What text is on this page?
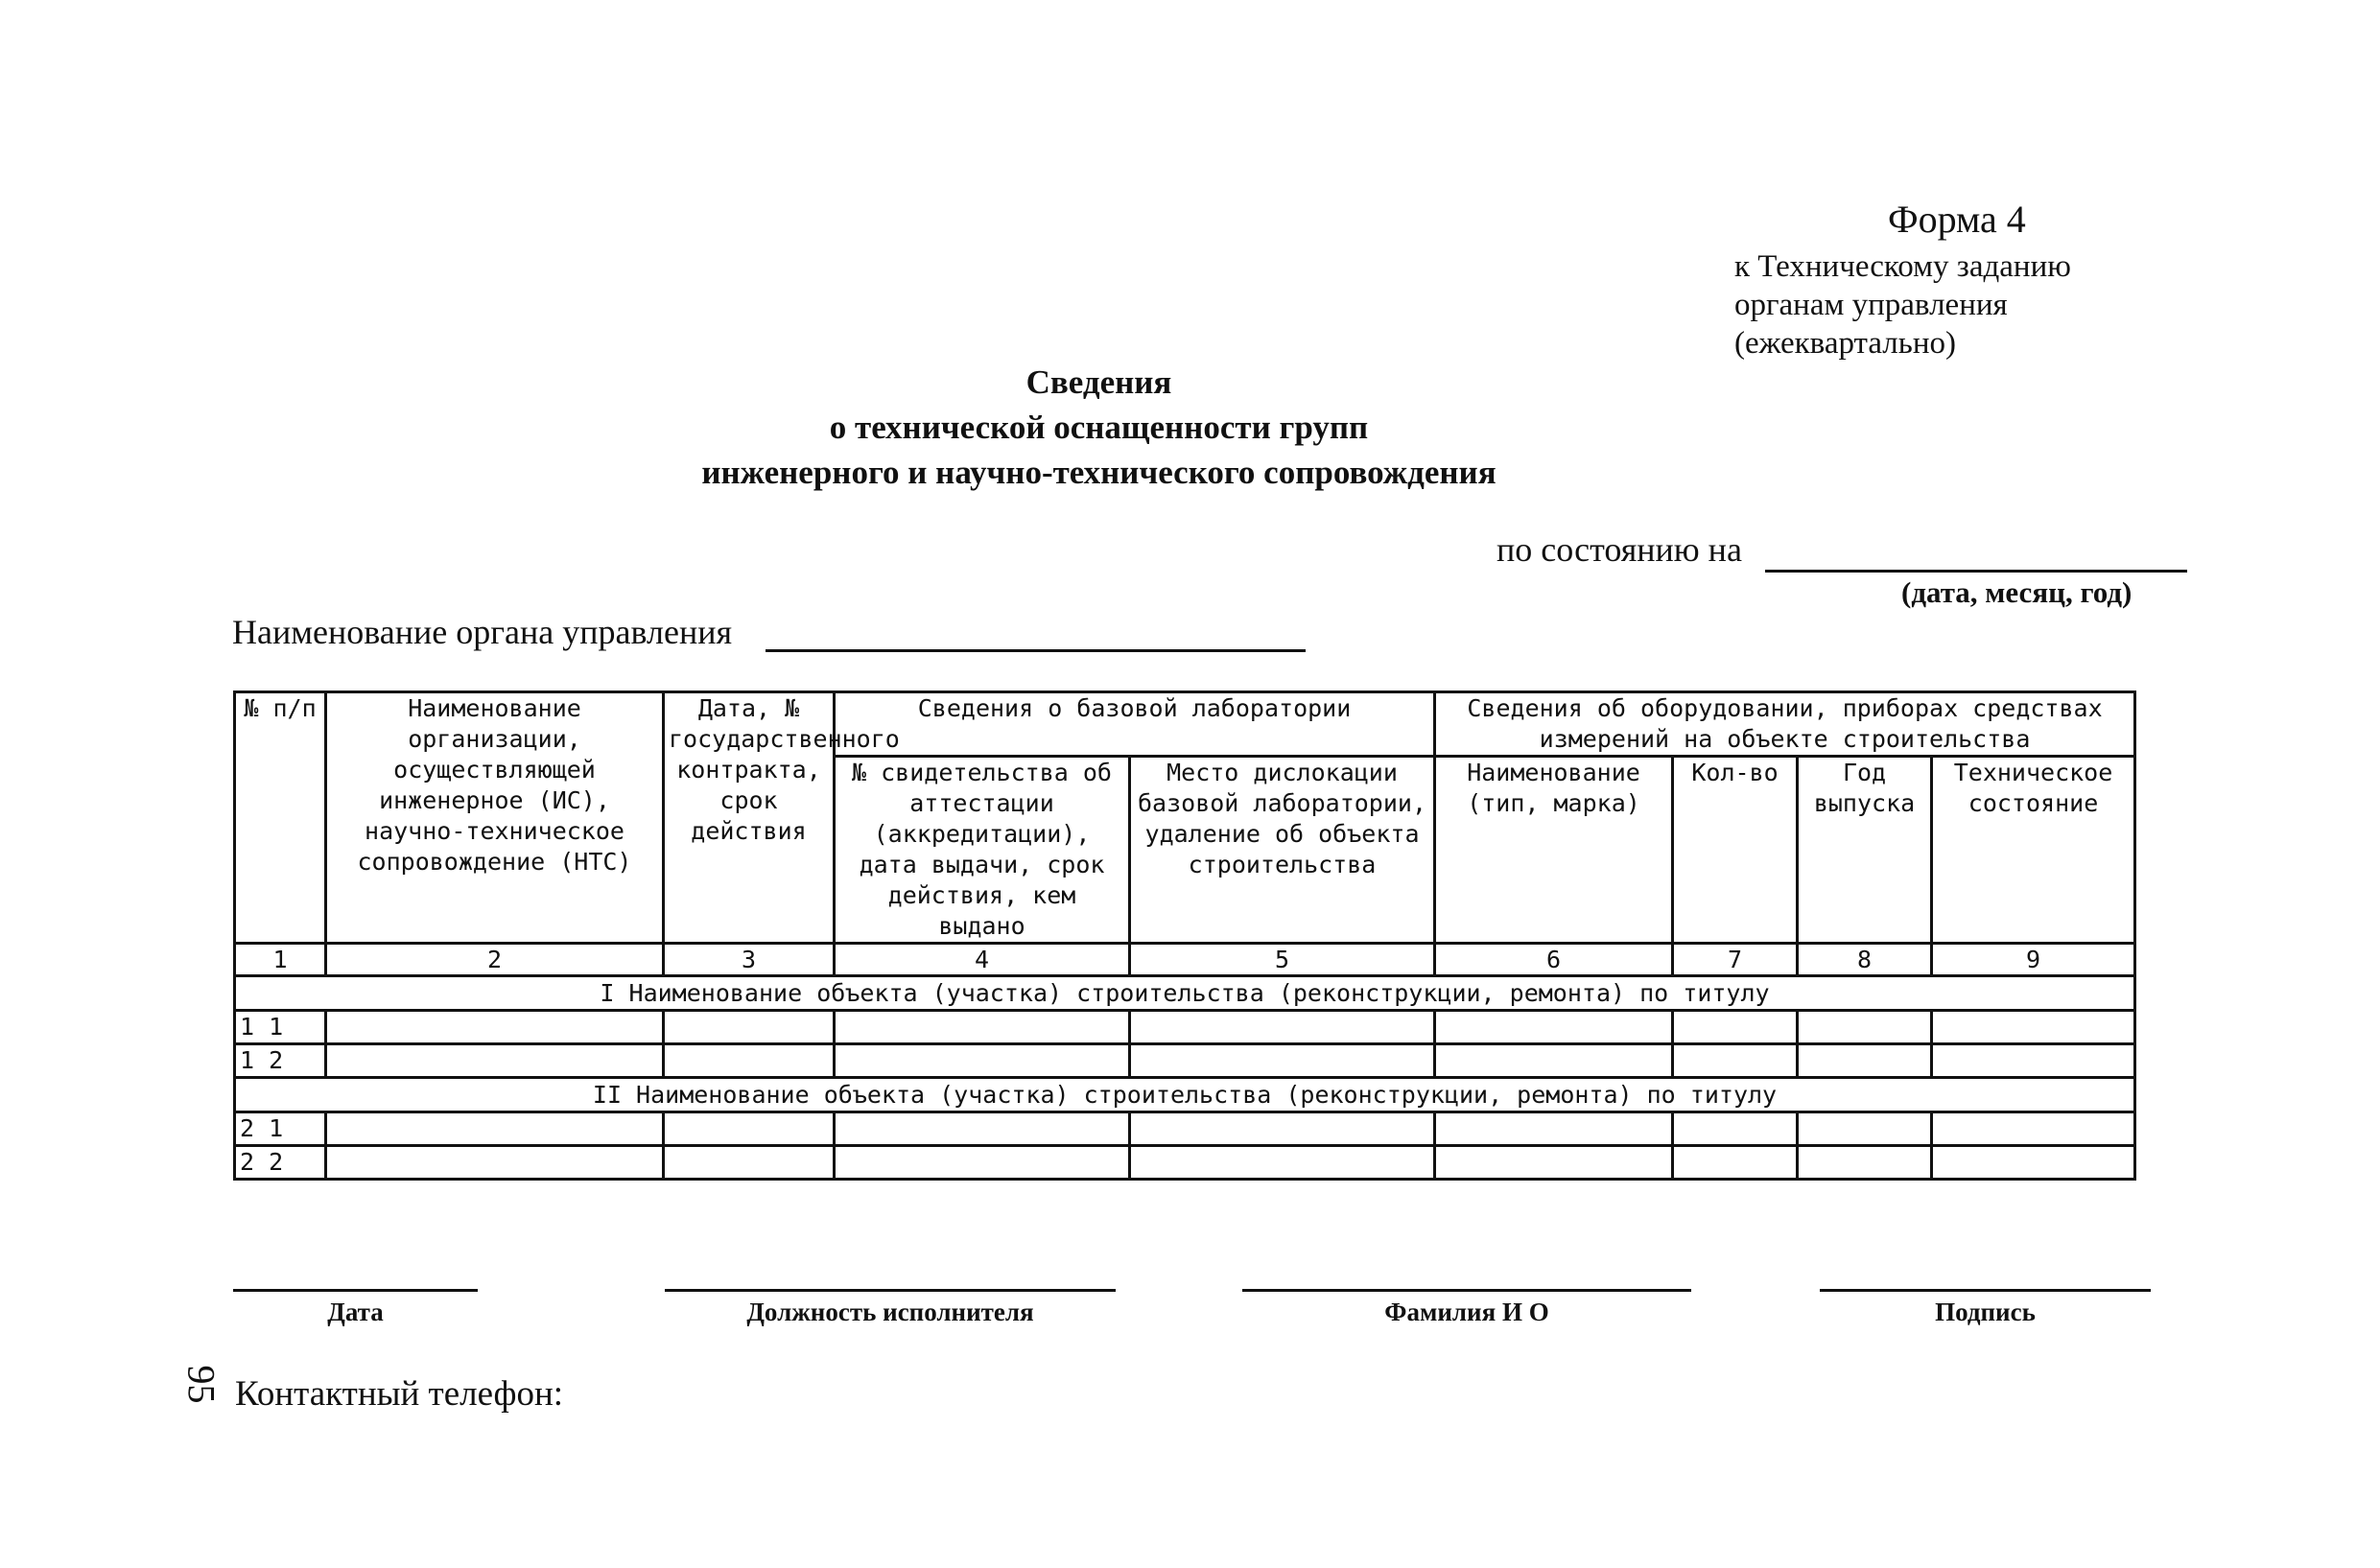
Форма 4
к Техническому заданию
органам управления
(ежеквартально)
Сведения
о технической оснащенности групп
инженерного и научно-технического сопровождения
по состоянию на
(дата, месяц, год)
Наименование органа управления
№ п/п	Наименование организации, осуществляющей инженерное (ИС), научно-техническое сопровождение (НТС)	Дата, № государственного контракта, срок действия	Сведения о базовой лаборатории		Сведения об оборудовании, приборах средствах измерений на объекте строительства			
			№ свидетельства об аттестации (аккредитации), дата выдачи, срок действия, кем выдано	Место дислокации базовой лаборатории, удаление об объекта строительства	Наименование (тип, марка)	Кол-во	Год выпуска	Техническое состояние
1	2	3	4	5	6	7	8	9
I Наименование объекта (участка) строительства (реконструкции, ремонта) по титулу								
1 1								
1 2								
II Наименование объекта (участка) строительства (реконструкции, ремонта) по титулу								
2 1								
2 2								
Дата	Должность исполнителя	Фамилия И О	Подпись
95 Контактный телефон:
